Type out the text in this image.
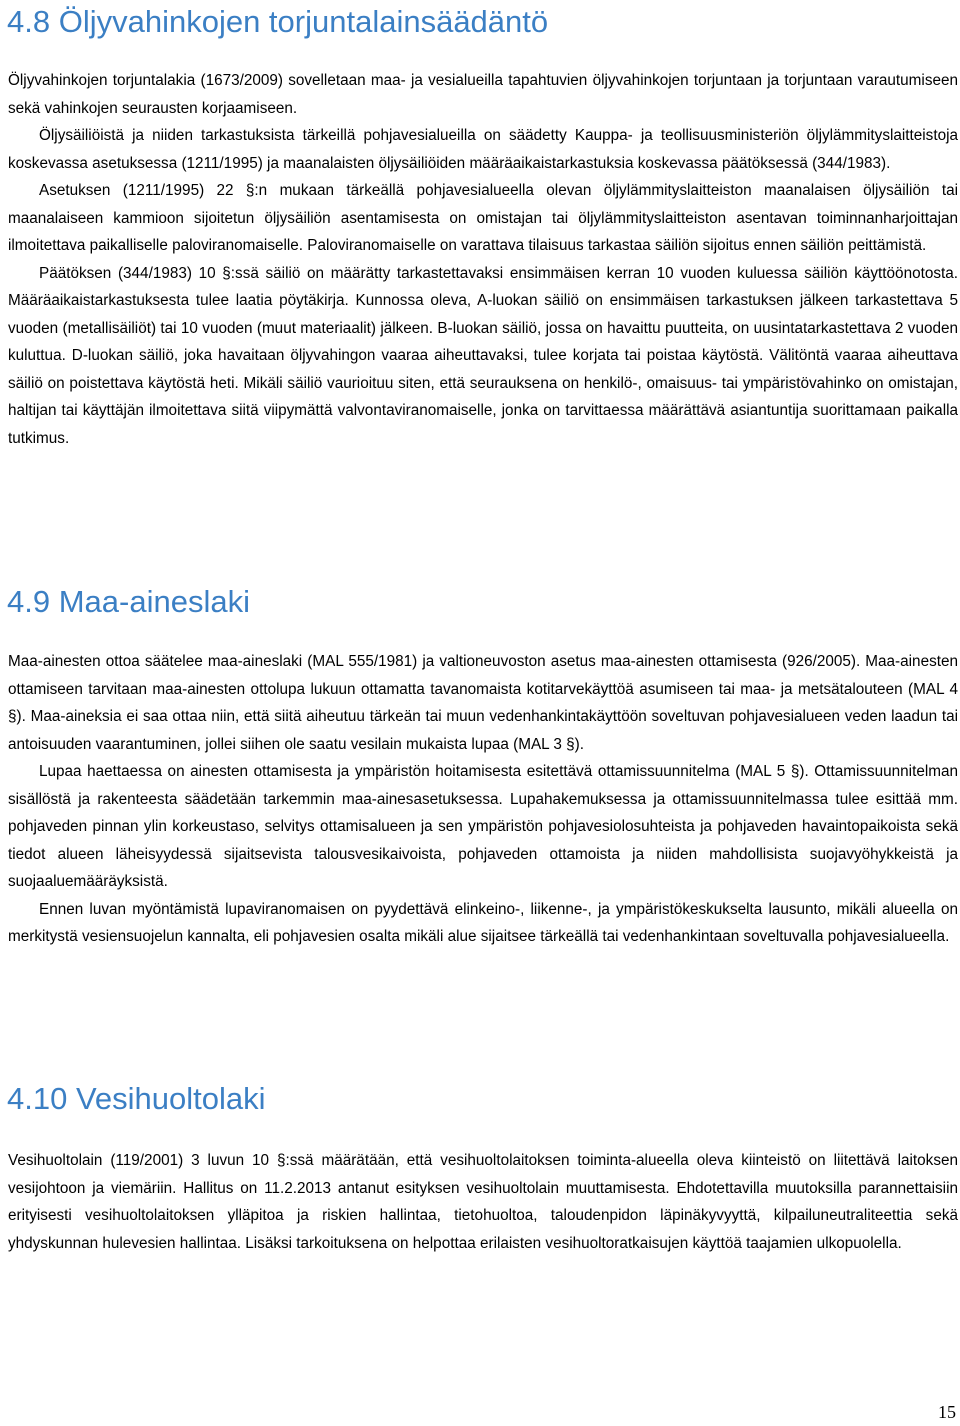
4.8 Öljyvahinkojen torjuntalainsäädäntö

Öljyvahinkojen torjuntalakia (1673/2009) sovelletaan maa- ja vesialueilla tapahtuvien öljyvahinkojen torjuntaan ja torjuntaan varautumiseen sekä vahinkojen seurausten korjaamiseen.

Öljysäiliöistä ja niiden tarkastuksista tärkeillä pohjavesialueilla on säädetty Kauppa- ja teollisuusministeriön öljylämmityslaitteistoja koskevassa asetuksessa (1211/1995) ja maanalaisten öljysäiliöiden määräaikaistarkastuksia koskevassa päätöksessä (344/1983).

Asetuksen (1211/1995) 22 §:n mukaan tärkeällä pohjavesialueella olevan öljylämmityslaitteiston maanalaisen öljysäiliön tai maanalaiseen kammioon sijoitetun öljysäiliön asentamisesta on omistajan tai öljylämmityslaitteiston asentavan toiminnanharjoittajan ilmoitettava paikalliselle paloviranomaiselle. Paloviranomaiselle on varattava tilaisuus tarkastaa säiliön sijoitus ennen säiliön peittämistä.

Päätöksen (344/1983) 10 §:ssä säiliö on määrätty tarkastettavaksi ensimmäisen kerran 10 vuoden kuluessa säiliön käyttöönotosta. Määräaikaistarkastuksesta tulee laatia pöytäkirja. Kunnossa oleva, A-luokan säiliö on ensimmäisen tarkastuksen jälkeen tarkastettava 5 vuoden (metallisäiliöt) tai 10 vuoden (muut materiaalit) jälkeen. B-luokan säiliö, jossa on havaittu puutteita, on uusintatarkastettava 2 vuoden kuluttua. D-luokan säiliö, joka havaitaan öljyvahingon vaaraa aiheuttavaksi, tulee korjata tai poistaa käytöstä. Välitöntä vaaraa aiheuttava säiliö on poistettava käytöstä heti. Mikäli säiliö vaurioituu siten, että seurauksena on henkilö-, omaisuus- tai ympäristövahinko on omistajan, haltijan tai käyttäjän ilmoitettava siitä viipymättä valvontaviranomaiselle, jonka on tarvittaessa määrättävä asiantuntija suorittamaan paikalla tutkimus.

4.9 Maa-aineslaki

Maa-ainesten ottoa säätelee maa-aineslaki (MAL 555/1981) ja valtioneuvoston asetus maa-ainesten ottamisesta (926/2005). Maa-ainesten ottamiseen tarvitaan maa-ainesten ottolupa lukuun ottamatta tavanomaista kotitarvekäyttöä asumiseen tai maa- ja metsätalouteen (MAL 4 §). Maa-aineksia ei saa ottaa niin, että siitä aiheutuu tärkeän tai muun vedenhankintakäyttöön soveltuvan pohjavesialueen veden laadun tai antoisuuden vaarantuminen, jollei siihen ole saatu vesilain mukaista lupaa (MAL 3 §).

Lupaa haettaessa on ainesten ottamisesta ja ympäristön hoitamisesta esitettävä ottamissuunnitelma (MAL 5 §). Ottamissuunnitelman sisällöstä ja rakenteesta säädetään tarkemmin maa-ainesasetuksessa. Lupahakemuksessa ja ottamissuunnitelmassa tulee esittää mm. pohjaveden pinnan ylin korkeustaso, selvitys ottamisalueen ja sen ympäristön pohjavesiolosuhteista ja pohjaveden havaintopaikoista sekä tiedot alueen läheisyydessä sijaitsevista talousvesikaivoista, pohjaveden ottamoista ja niiden mahdollisista suojavyöhykkeistä ja suojaaluemääräyksistä.

Ennen luvan myöntämistä lupaviranomaisen on pyydettävä elinkeino-, liikenne-, ja ympäristökeskukselta lausunto, mikäli alueella on merkitystä vesiensuojelun kannalta, eli pohjavesien osalta mikäli alue sijaitsee tärkeällä tai vedenhankintaan soveltuvalla pohjavesialueella.

4.10 Vesihuoltolaki

Vesihuoltolain (119/2001) 3 luvun 10 §:ssä määrätään, että vesihuoltolaitoksen toiminta-alueella oleva kiinteistö on liitettävä laitoksen vesijohtoon ja viemäriin. Hallitus on 11.2.2013 antanut esityksen vesihuoltolain muuttamisesta. Ehdotettavilla muutoksilla parannettaisiin erityisesti vesihuoltolaitoksen ylläpitoa ja riskien hallintaa, tietohuoltoa, taloudenpidon läpinäkyvyyttä, kilpailuneutraliteettia sekä yhdyskunnan hulevesien hallintaa. Lisäksi tarkoituksena on helpottaa erilaisten vesihuoltoratkaisujen käyttöä taajamien ulkopuolella.

15
